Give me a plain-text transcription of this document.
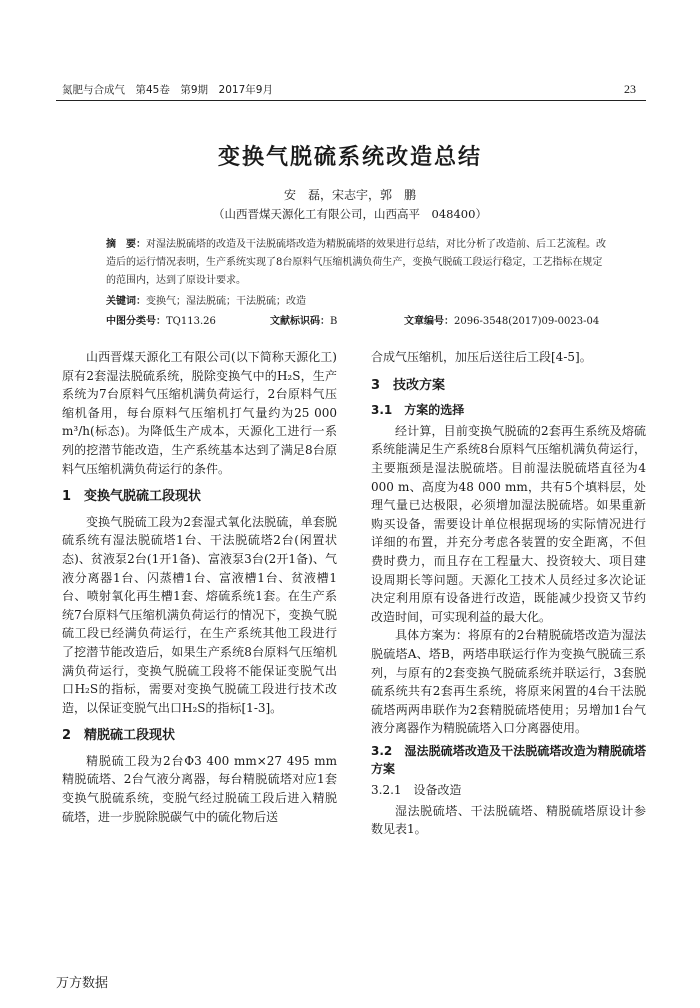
氮肥与合成气　第45卷　第9期　2017年9月	23
变换气脱硫系统改造总结
安　磊，宋志宇，郭　鹏
（山西晋煤天源化工有限公司，山西高平　048400）
摘　要：对湿法脱硫塔的改造及干法脱硫塔改造为精脱硫塔的效果进行总结，对比分析了改造前、后工艺流程。改造后的运行情况表明，生产系统实现了8台原料气压缩机满负荷生产，变换气脱硫工段运行稳定，工艺指标在规定的范围内，达到了原设计要求。
关键词：变换气；湿法脱硫；干法脱硫；改造
中图分类号：TQ113.26	文献标识码：B	文章编号：2096-3548(2017)09-0023-04

山西晋煤天源化工有限公司(以下简称天源化工)原有2套湿法脱硫系统，脱除变换气中的H₂S，生产系统为7台原料气压缩机满负荷运行，2台原料气压缩机备用，每台原料气压缩机打气量约为25 000 m³/h(标态)。为降低生产成本，天源化工进行一系列的挖潜节能改造，生产系统基本达到了满足8台原料气压缩机满负荷运行的条件。

1　变换气脱硫工段现状

变换气脱硫工段为2套湿式氧化法脱硫，单套脱硫系统有湿法脱硫塔1台、干法脱硫塔2台(闲置状态)、贫液泵2台(1开1备)、富液泵3台(2开1备)、气液分离器1台、闪蒸槽1台、富液槽1台、贫液槽1台、喷射氧化再生槽1套、熔硫系统1套。在生产系统7台原料气压缩机满负荷运行的情况下，变换气脱硫工段已经满负荷运行，在生产系统其他工段进行了挖潜节能改造后，如果生产系统8台原料气压缩机满负荷运行，变换气脱硫工段将不能保证变脱气出口H₂S的指标，需要对变换气脱硫工段进行技术改造，以保证变脱气出口H₂S的指标[1-3]。

2　精脱硫工段现状

精脱硫工段为2台Φ3 400 mm×27 495 mm精脱硫塔、2台气液分离器，每台精脱硫塔对应1套变换气脱硫系统，变脱气经过脱硫工段后进入精脱硫塔，进一步脱除脱碳气中的硫化物后送

合成气压缩机，加压后送往后工段[4-5]。

3　技改方案
3.1　方案的选择

经计算，目前变换气脱硫的2套再生系统及熔硫系统能满足生产系统8台原料气压缩机满负荷运行，主要瓶颈是湿法脱硫塔。目前湿法脱硫塔直径为4 000 m、高度为48 000 mm，共有5个填料层，处理气量已达极限，必须增加湿法脱硫塔。如果重新购买设备，需要设计单位根据现场的实际情况进行详细的布置，并充分考虑各装置的安全距离，不但费时费力，而且存在工程量大、投资较大、项目建设周期长等问题。天源化工技术人员经过多次论证决定利用原有设备进行改造，既能减少投资又节约改造时间，可实现利益的最大化。

具体方案为：将原有的2台精脱硫塔改造为湿法脱硫塔A、塔B，两塔串联运行作为变换气脱硫三系列，与原有的2套变换气脱硫系统并联运行，3套脱硫系统共有2套再生系统，将原来闲置的4台干法脱硫塔两两串联作为2套精脱硫塔使用；另增加1台气液分离器作为精脱硫塔入口分离器使用。

3.2　湿法脱硫塔改造及干法脱硫塔改造为精脱硫塔方案
3.2.1　设备改造

湿法脱硫塔、干法脱硫塔、精脱硫塔原设计参数见表1。

万方数据
